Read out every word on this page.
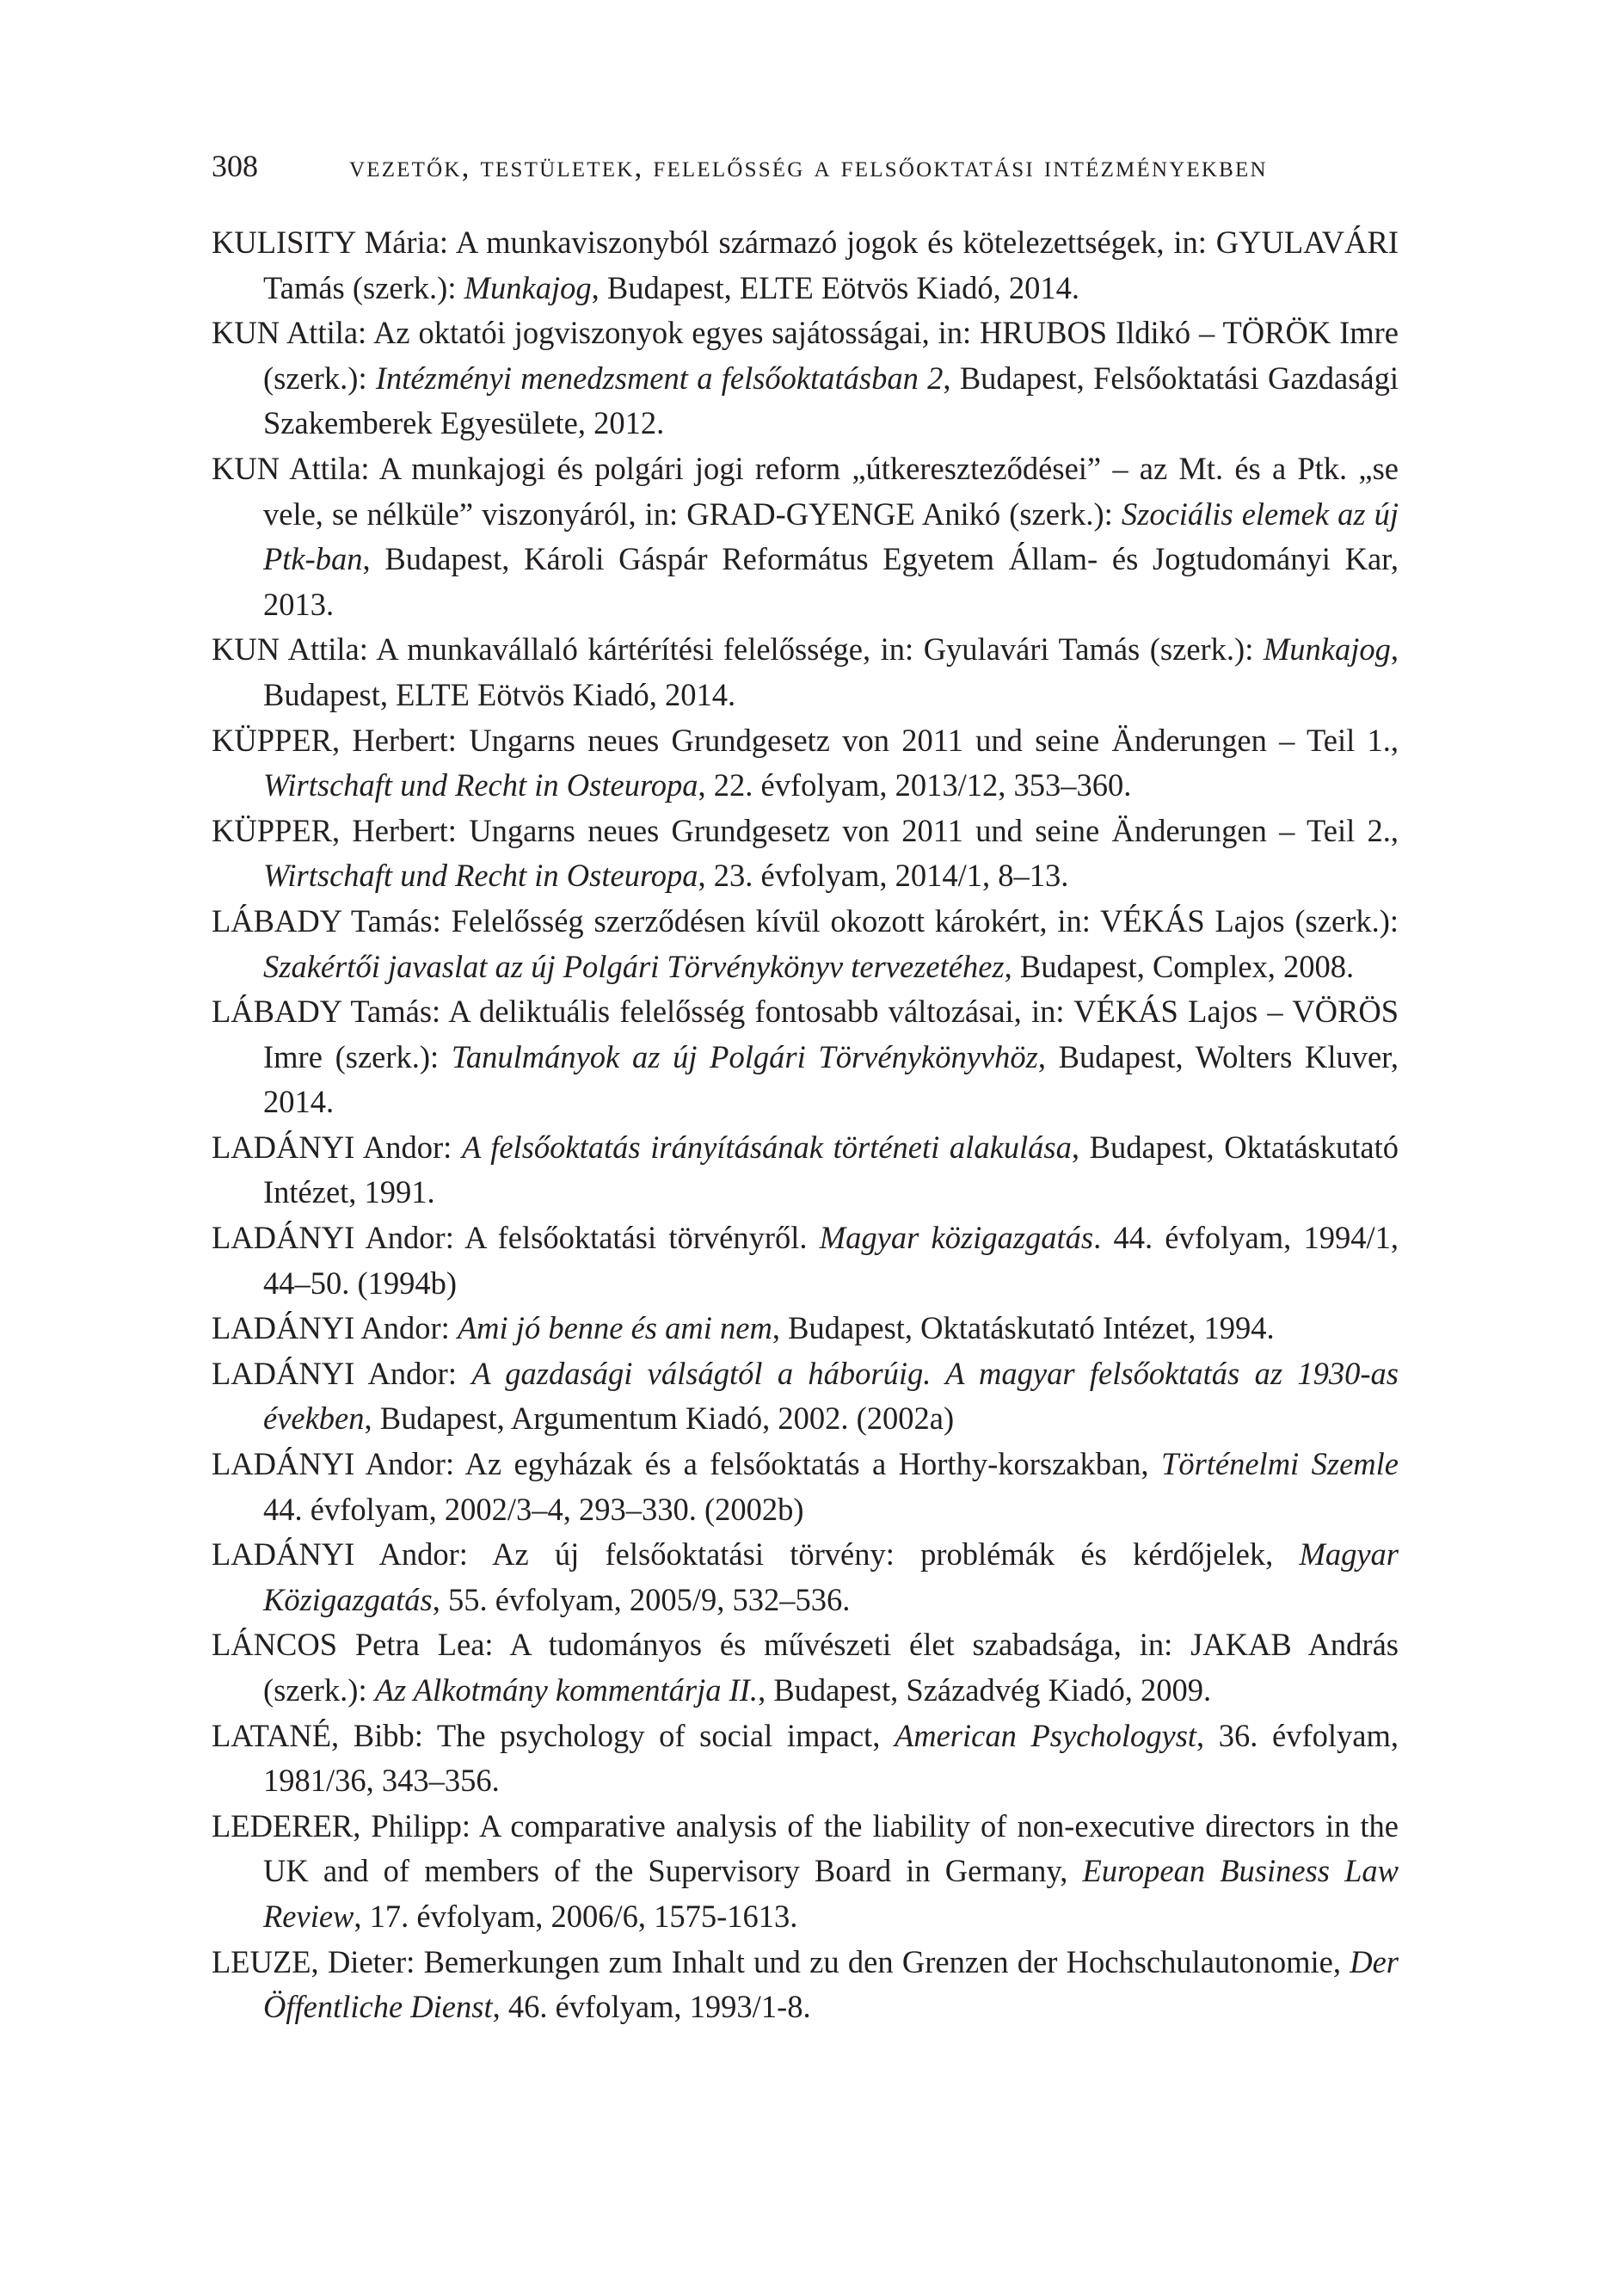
308	vezetők, testületek, felelősség a felsőoktatási intézményekben
KULISITY Mária: A munkaviszonyból származó jogok és kötelezettségek, in: GYULAVÁRI Tamás (szerk.): Munkajog, Budapest, ELTE Eötvös Kiadó, 2014.
KUN Attila: Az oktatói jogviszonyok egyes sajátosságai, in: HRUBOS Ildikó – TÖRÖK Imre (szerk.): Intézményi menedzsment a felsőoktatásban 2, Budapest, Felsőoktatási Gazdasági Szakemberek Egyesülete, 2012.
KUN Attila: A munkajogi és polgári jogi reform „útkereszteződései” – az Mt. és a Ptk. „se vele, se nélküle” viszonyáról, in: GRAD-GYENGE Anikó (szerk.): Szociális elemek az új Ptk-ban, Budapest, Károli Gáspár Református Egyetem Állam- és Jogtudományi Kar, 2013.
KUN Attila: A munkavállaló kártérítési felelőssége, in: Gyulavári Tamás (szerk.): Munkajog, Budapest, ELTE Eötvös Kiadó, 2014.
KÜPPER, Herbert: Ungarns neues Grundgesetz von 2011 und seine Änderungen – Teil 1., Wirtschaft und Recht in Osteuropa, 22. évfolyam, 2013/12, 353–360.
KÜPPER, Herbert: Ungarns neues Grundgesetz von 2011 und seine Änderungen – Teil 2., Wirtschaft und Recht in Osteuropa, 23. évfolyam, 2014/1, 8–13.
LÁBADY Tamás: Felelősség szerződésen kívül okozott károkért, in: VÉKÁS Lajos (szerk.): Szakértői javaslat az új Polgári Törvénykönyv tervezetéhez, Budapest, Complex, 2008.
LÁBADY Tamás: A deliktuális felelősség fontosabb változásai, in: VÉKÁS Lajos – VÖRÖS Imre (szerk.): Tanulmányok az új Polgári Törvénykönyvhöz, Budapest, Wolters Kluver, 2014.
LADÁNYI Andor: A felsőoktatás irányításának történeti alakulása, Budapest, Oktatáskutató Intézet, 1991.
LADÁNYI Andor: A felsőoktatási törvényről. Magyar közigazgatás. 44. évfolyam, 1994/1, 44–50. (1994b)
LADÁNYI Andor: Ami jó benne és ami nem, Budapest, Oktatáskutató Intézet, 1994.
LADÁNYI Andor: A gazdasági válságtól a háborúig. A magyar felsőoktatás az 1930-as években, Budapest, Argumentum Kiadó, 2002. (2002a)
LADÁNYI Andor: Az egyházak és a felsőoktatás a Horthy-korszakban, Történelmi Szemle 44. évfolyam, 2002/3–4, 293–330. (2002b)
LADÁNYI Andor: Az új felsőoktatási törvény: problémák és kérdőjelek, Magyar Közigazgatás, 55. évfolyam, 2005/9, 532–536.
LÁNCOS Petra Lea: A tudományos és művészeti élet szabadsága, in: JAKAB András (szerk.): Az Alkotmány kommentárja II., Budapest, Századvég Kiadó, 2009.
LATANÉ, Bibb: The psychology of social impact, American Psychologyst, 36. évfolyam, 1981/36, 343–356.
LEDERER, Philipp: A comparative analysis of the liability of non-executive directors in the UK and of members of the Supervisory Board in Germany, European Business Law Review, 17. évfolyam, 2006/6, 1575-1613.
LEUZE, Dieter: Bemerkungen zum Inhalt und zu den Grenzen der Hochschulautonomie, Der Öffentliche Dienst, 46. évfolyam, 1993/1-8.
